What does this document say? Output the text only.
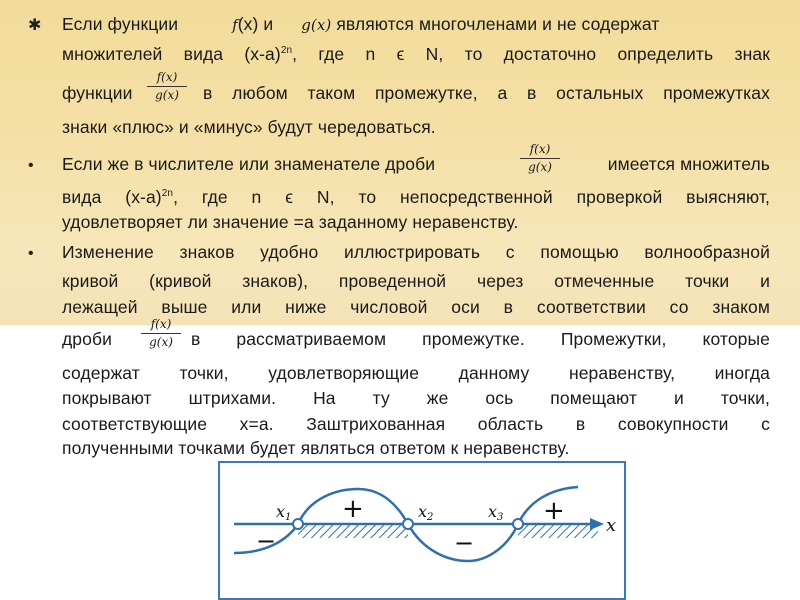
✱ Если функции	f(x) и g(x) являются многочленами и не содержат
множителей вида $(x-a)^{2n}$, где n ϵ N, то достаточно определить знак
функции
f(x)
g(x)	в любом таком промежутке, а в остальных промежутках
знаки «плюс» и «минус» будут чередоваться.
• Если же в числителе или знаменателе дроби
f(x)
g(x)	имеется множитель
вида $(x-a)^{2n}$, где n ϵ N, то непосредственной проверкой выясняют,
удовлетворяет ли значение =а заданному неравенству.
• Изменение знаков удобно иллюстрировать с помощью волнообразной
кривой (кривой знаков), проведенной через отмеченные точки и
лежащей выше или ниже числовой оси в соответствии со знаком
дроби
f(x)
g(x)	в рассматриваемом промежутке. Промежутки, которые
содержат точки, удовлетворяющие данному неравенству, иногда
покрывают штрихами. На ту же ось помещают и точки,
соответствующие x=a. Заштрихованная область в совокупности с
полученными точками будет являться ответом к неравенству.
x1	x2	x3	x
−
+
−
+
